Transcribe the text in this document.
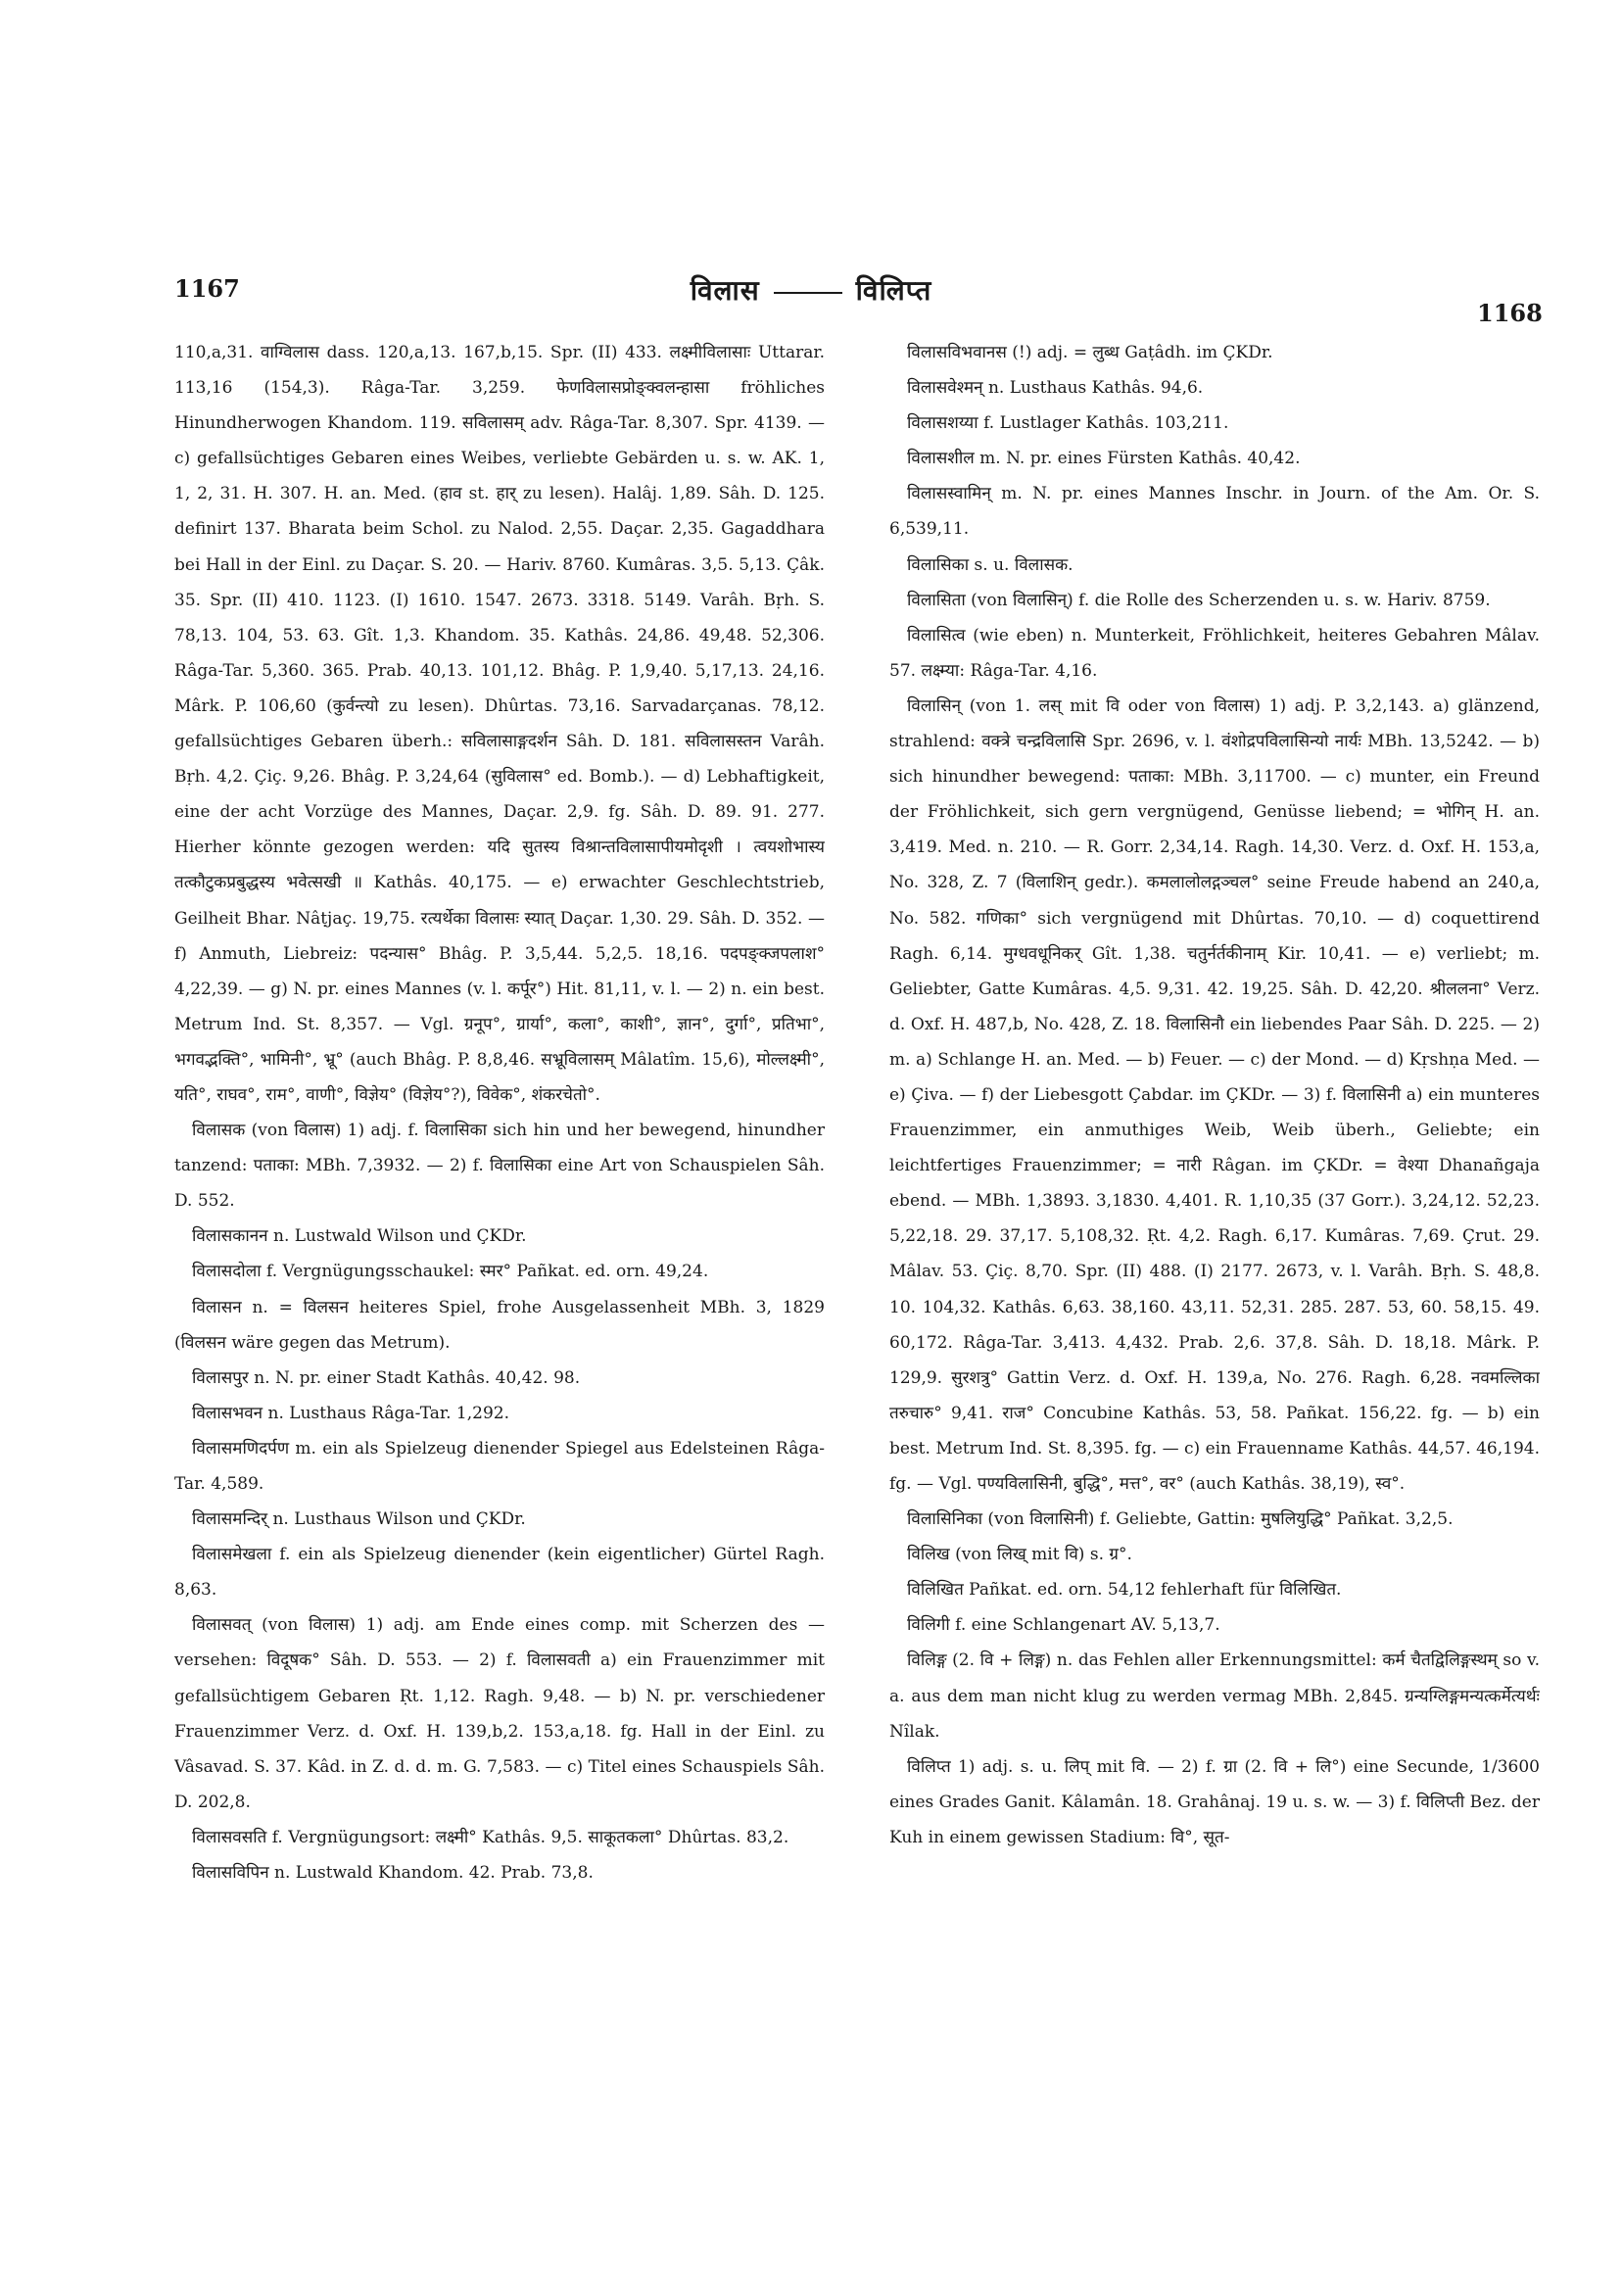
1167	विलास	विलिप्त
1168

110,a,31. वाग्विलास dass. 120,a,13. 167,b,15. Spr. (II) 433. लक्ष्मीविलासाः Uttarar. 113,16 (154,3). Râga-Tar. 3,259. फेणविलासप्रोङ्क्वलन्हासा fröhliches Hinundherwogen Khandom. 119. सविलासम् adv. Râga-Tar. 8,307. Spr. 4139. — c) gefallsüchtiges Gebaren eines Weibes, verliebte Gebärden u. s. w. AK. 1, 1, 2, 31. H. 307. H. an. Med. (हाव st. हार् zu lesen). Halâj. 1,89. Sâh. D. 125. definirt 137. Bharata beim Schol. zu Nalod. 2,55. Daçar. 2,35. Gagaddhara bei Hall in der Einl. zu Daçar. S. 20. — Hariv. 8760. Kumâras. 3,5. 5,13. Çâk. 35. Spr. (II) 410. 1123. (I) 1610. 1547. 2673. 3318. 5149. Varâh. Bṛh. S. 78,13. 104, 53. 63. Gît. 1,3. Khandom. 35. Kathâs. 24,86. 49,48. 52,306. Râga-Tar. 5,360. 365. Prab. 40,13. 101,12. Bhâg. P. 1,9,40. 5,17,13. 24,16. Mârk. P. 106,60 (कुर्वन्त्यो zu lesen). Dhûrtas. 73,16. Sarvadarçanas. 78,12. gefallsüchtiges Gebaren überh.: सविलासाङ्गदर्शन Sâh. D. 181. सविलासस्तन Varâh. Bṛh. 4,2. Çiç. 9,26. Bhâg. P. 3,24,64 (सुविलास° ed. Bomb.). — d) Lebhaftigkeit, eine der acht Vorzüge des Mannes, Daçar. 2,9. fg. Sâh. D. 89. 91. 277. Hierher könnte gezogen werden: यदि सुतस्य विश्रान्तविलासापीयमोदृशी । त्वयशोभास्य तत्कौटुकप्रबुद्धस्य भवेत्सखी ॥ Kathâs. 40,175. — e) erwachter Geschlechtstrieb, Geilheit Bhar. Nâṭjaç. 19,75. रत्यर्थेका विलासः स्यात् Daçar. 1,30. 29. Sâh. D. 352. — f) Anmuth, Liebreiz: पदन्यास° Bhâg. P. 3,5,44. 5,2,5. 18,16. पदपङ्क्जपलाश° 4,22,39. — g) N. pr. eines Mannes (v. l. कर्पूर°) Hit. 81,11, v. l. — 2) n. ein best. Metrum Ind. St. 8,357. — Vgl. ग्रनूप°, ग्रार्या°, कला°, काशी°, ज्ञान°, दुर्गा°, प्रतिभा°, भगवद्भक्ति°, भामिनी°, भ्रू° (auch Bhâg. P. 8,8,46. सभ्रूविलासम् Mâlatîm. 15,6), मोल्लक्ष्मी°, यति°, राघव°, राम°, वाणी°, विज्ञेय° (विज्ञेय°?), विवेक°, शंकरचेतो°.

विलासक (von विलास) 1) adj. f. विलासिका sich hin und her bewegend, hinundher tanzend: पताका: MBh. 7,3932. — 2) f. विलासिका eine Art von Schauspielen Sâh. D. 552.

विलासकानन n. Lustwald Wilson und ÇKDr.

विलासदोला f. Vergnügungsschaukel: स्मर° Pañkat. ed. orn. 49,24.

विलासन n. = विलसन heiteres Spiel, frohe Ausgelassenheit MBh. 3, 1829 (विलसन wäre gegen das Metrum).

विलासपुर n. N. pr. einer Stadt Kathâs. 40,42. 98.

विलासभवन n. Lusthaus Râga-Tar. 1,292.

विलासमणिदर्पण m. ein als Spielzeug dienender Spiegel aus Edelsteinen Râga-Tar. 4,589.

विलासमन्दिर् n. Lusthaus Wilson und ÇKDr.

विलासमेखला f. ein als Spielzeug dienender (kein eigentlicher) Gürtel Ragh. 8,63.

विलासवत् (von विलास) 1) adj. am Ende eines comp. mit Scherzen des — versehen: विदूषक° Sâh. D. 553. — 2) f. विलासवती a) ein Frauenzimmer mit gefallsüchtigem Gebaren Ṛt. 1,12. Ragh. 9,48. — b) N. pr. verschiedener Frauenzimmer Verz. d. Oxf. H. 139,b,2. 153,a,18. fg. Hall in der Einl. zu Vâsavad. S. 37. Kâd. in Z. d. d. m. G. 7,583. — c) Titel eines Schauspiels Sâh. D. 202,8.

विलासवसति f. Vergnügungsort: लक्ष्मी° Kathâs. 9,5. साकूतकला° Dhûrtas. 83,2.

विलासविपिन n. Lustwald Khandom. 42. Prab. 73,8.

विलासविभवानस (!) adj. = लुब्ध Gaṭâdh. im ÇKDr.

विलासवेश्मन् n. Lusthaus Kathâs. 94,6.

विलासशय्या f. Lustlager Kathâs. 103,211.

विलासशील m. N. pr. eines Fürsten Kathâs. 40,42.

विलासस्वामिन् m. N. pr. eines Mannes Inschr. in Journ. of the Am. Or. S. 6,539,11.

विलासिका s. u. विलासक.

विलासिता (von विलासिन्) f. die Rolle des Scherzenden u. s. w. Hariv. 8759.

विलासित्व (wie eben) n. Munterkeit, Fröhlichkeit, heiteres Gebahren Mâlav. 57. लक्ष्म्या: Râga-Tar. 4,16.

विलासिन् (von 1. लस् mit वि oder von विलास) 1) adj. P. 3,2,143. a) glänzend, strahlend: वक्त्रे चन्द्रविलासि Spr. 2696, v. l. वंशोद्रपविलासिन्यो नार्यः MBh. 13,5242. — b) sich hinundher bewegend: पताका: MBh. 3,11700. — c) munter, ein Freund der Fröhlichkeit, sich gern vergnügend, Genüsse liebend; = भोगिन् H. an. 3,419. Med. n. 210. — R. Gorr. 2,34,14. Ragh. 14,30. Verz. d. Oxf. H. 153,a, No. 328, Z. 7 (विलाशिन् gedr.). कमलालोलद्गञ्चल° seine Freude habend an 240,a, No. 582. गणिका° sich vergnügend mit Dhûrtas. 70,10. — d) coquettirend Ragh. 6,14. मुग्धवधूनिकर् Gît. 1,38. चतुर्नर्तकीनाम् Kir. 10,41. — e) verliebt; m. Geliebter, Gatte Kumâras. 4,5. 9,31. 42. 19,25. Sâh. D. 42,20. श्रीललना° Verz. d. Oxf. H. 487,b, No. 428, Z. 18. विलासिनौ ein liebendes Paar Sâh. D. 225. — 2) m. a) Schlange H. an. Med. — b) Feuer. — c) der Mond. — d) Kṛshṇa Med. — e) Çiva. — f) der Liebesgott Çabdar. im ÇKDr. — 3) f. विलासिनी a) ein munteres Frauenzimmer, ein anmuthiges Weib, Weib überh., Geliebte; ein leichtfertiges Frauenzimmer; = नारी Râgan. im ÇKDr. = वेश्या Dhanañgaja ebend. — MBh. 1,3893. 3,1830. 4,401. R. 1,10,35 (37 Gorr.). 3,24,12. 52,23. 5,22,18. 29. 37,17. 5,108,32. Ṛt. 4,2. Ragh. 6,17. Kumâras. 7,69. Çrut. 29. Mâlav. 53. Çiç. 8,70. Spr. (II) 488. (I) 2177. 2673, v. l. Varâh. Bṛh. S. 48,8. 10. 104,32. Kathâs. 6,63. 38,160. 43,11. 52,31. 285. 287. 53, 60. 58,15. 49. 60,172. Râga-Tar. 3,413. 4,432. Prab. 2,6. 37,8. Sâh. D. 18,18. Mârk. P. 129,9. सुरशत्रु° Gattin Verz. d. Oxf. H. 139,a, No. 276. Ragh. 6,28. नवमल्लिका तरुचारु° 9,41. राज° Concubine Kathâs. 53, 58. Pañkat. 156,22. fg. — b) ein best. Metrum Ind. St. 8,395. fg. — c) ein Frauenname Kathâs. 44,57. 46,194. fg. — Vgl. पण्यविलासिनी, बुद्धि°, मत्त°, वर° (auch Kathâs. 38,19), स्व°.

विलासिनिका (von विलासिनी) f. Geliebte, Gattin: मुषलियुद्धि° Pañkat. 3,2,5.

विलिख (von लिख् mit वि) s. ग्र°.

विलिखित Pañkat. ed. orn. 54,12 fehlerhaft für विलिखित.

विलिगी f. eine Schlangenart AV. 5,13,7.

विलिङ्ग (2. वि + लिङ्ग) n. das Fehlen aller Erkennungsmittel: कर्म चैतद्विलिङ्गस्थम् so v. a. aus dem man nicht klug zu werden vermag MBh. 2,845. ग्रन्यग्लिङ्गमन्यत्कर्मेत्यर्थः Nîlak.

विलिप्त 1) adj. s. u. लिप् mit वि. — 2) f. ग्रा (2. वि + लि°) eine Secunde, 1/3600 eines Grades Ganit. Kâlamân. 18. Grahânaj. 19 u. s. w. — 3) f. विलिप्ती Bez. der Kuh in einem gewissen Stadium: वि°, सूत-
